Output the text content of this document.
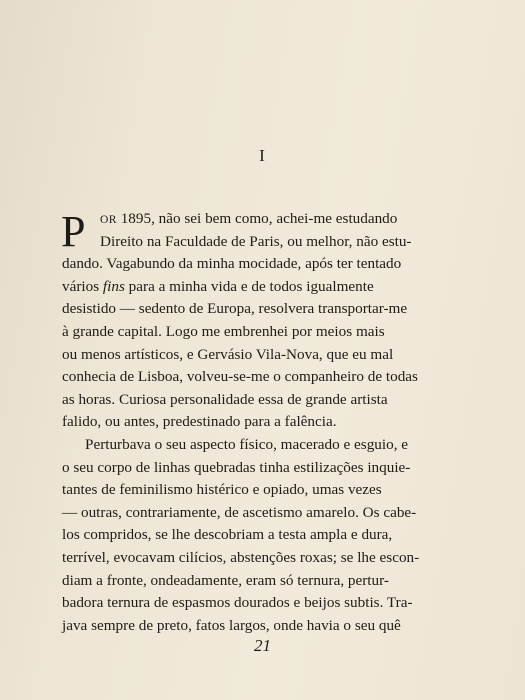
I
P	OR 1895, não sei bem como, achei-me estudando
Direito na Faculdade de Paris, ou melhor, não estu-
dando. Vagabundo da minha mocidade, após ter tentado
vários fins para a minha vida e de todos igualmente
desistido — sedento de Europa, resolvera transportar-me
à grande capital. Logo me embrenhei por meios mais
ou menos artísticos, e Gervásio Vila-Nova, que eu mal
conhecia de Lisboa, volveu-se-me o companheiro de todas
as horas. Curiosa personalidade essa de grande artista
falido, ou antes, predestinado para a falência.
Perturbava o seu aspecto físico, macerado e esguio, e
o seu corpo de linhas quebradas tinha estilizações inquie-
tantes de feminilismo histérico e opiado, umas vezes
— outras, contrariamente, de ascetismo amarelo. Os cabe-
los compridos, se lhe descobriam a testa ampla e dura,
terrível, evocavam cilícios, abstenções roxas; se lhe escon-
diam a fronte, ondeadamente, eram só ternura, pertur-
badora ternura de espasmos dourados e beijos subtis. Tra-
java sempre de preto, fatos largos, onde havia o seu quê
21
